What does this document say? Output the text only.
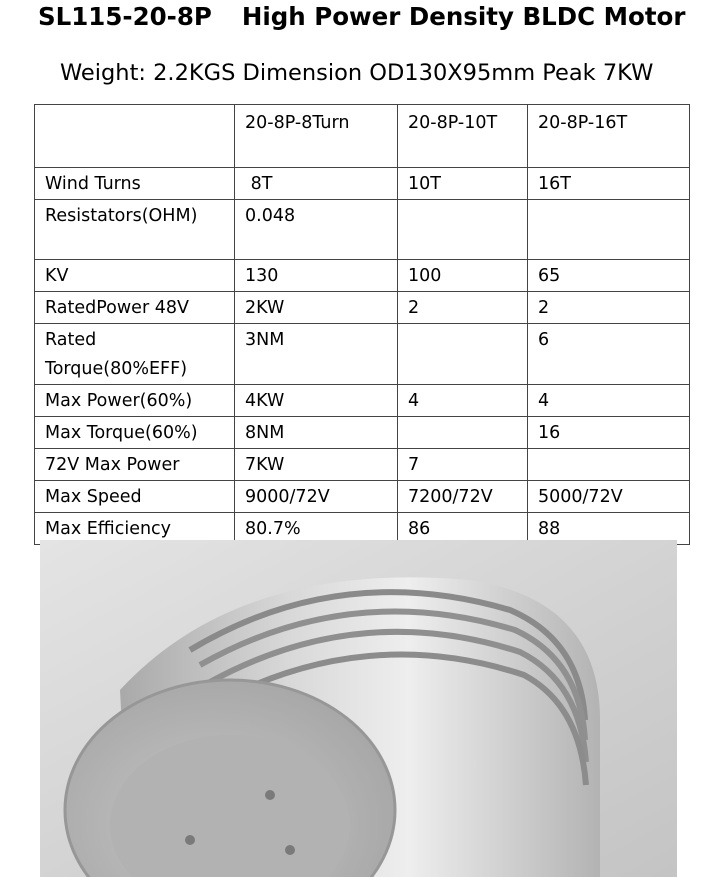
SL115-20-8P High Power Density BLDC Motor
Weight: 2.2KGS Dimension OD130X95mm Peak 7KW
	20-8P-8Turn	20-8P-10T	20-8P-16T
Wind Turns	8T	10T	16T
Resistators(OHM)	0.048		
KV	130	100	65
RatedPower 48V	2KW	2	2
Rated Torque(80%EFF)	3NM		6
Max Power(60%)	4KW	4	4
Max Torque(60%)	8NM		16
72V Max Power	7KW	7	
Max Speed	9000/72V	7200/72V	5000/72V
Max Efficiency	80.7%	86	88
